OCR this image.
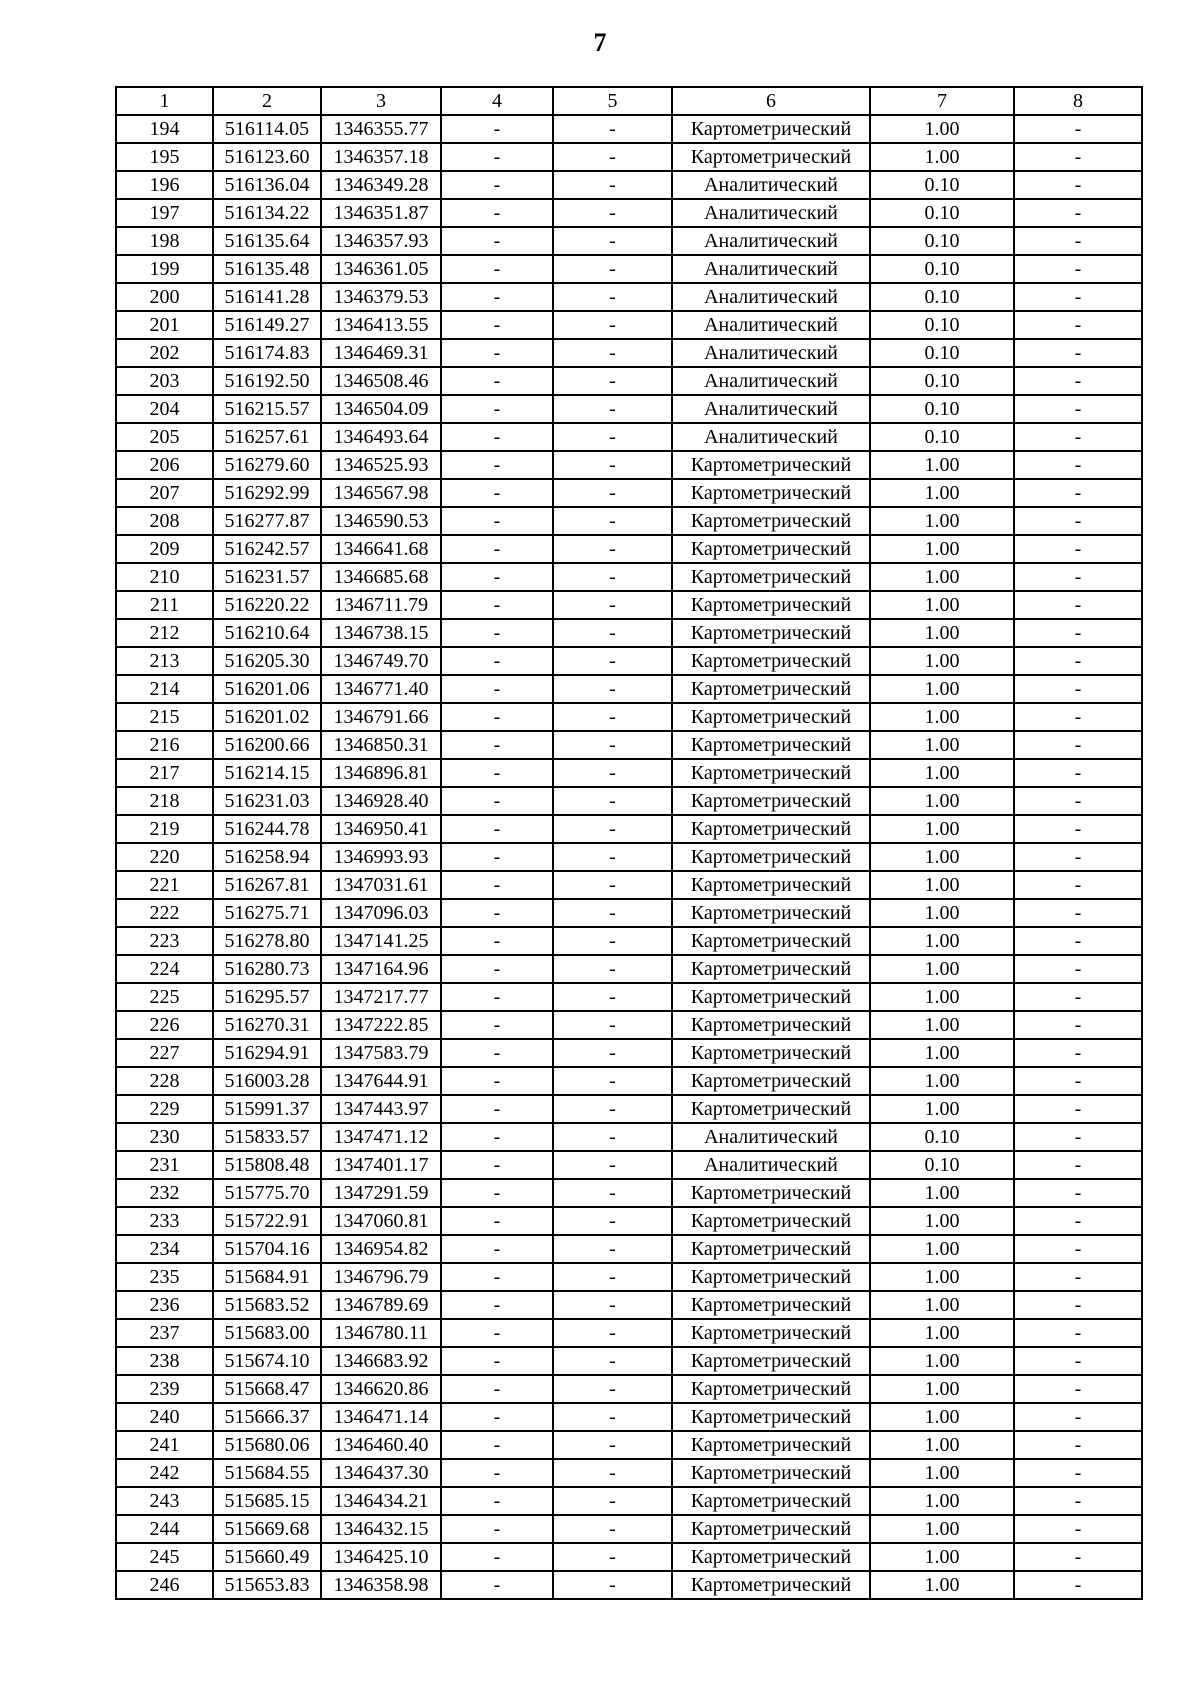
7
1	2	3	4	5	6	7	8
194	516114.05	1346355.77	-	-	Картометрический	1.00	-
195	516123.60	1346357.18	-	-	Картометрический	1.00	-
196	516136.04	1346349.28	-	-	Аналитический	0.10	-
197	516134.22	1346351.87	-	-	Аналитический	0.10	-
198	516135.64	1346357.93	-	-	Аналитический	0.10	-
199	516135.48	1346361.05	-	-	Аналитический	0.10	-
200	516141.28	1346379.53	-	-	Аналитический	0.10	-
201	516149.27	1346413.55	-	-	Аналитический	0.10	-
202	516174.83	1346469.31	-	-	Аналитический	0.10	-
203	516192.50	1346508.46	-	-	Аналитический	0.10	-
204	516215.57	1346504.09	-	-	Аналитический	0.10	-
205	516257.61	1346493.64	-	-	Аналитический	0.10	-
206	516279.60	1346525.93	-	-	Картометрический	1.00	-
207	516292.99	1346567.98	-	-	Картометрический	1.00	-
208	516277.87	1346590.53	-	-	Картометрический	1.00	-
209	516242.57	1346641.68	-	-	Картометрический	1.00	-
210	516231.57	1346685.68	-	-	Картометрический	1.00	-
211	516220.22	1346711.79	-	-	Картометрический	1.00	-
212	516210.64	1346738.15	-	-	Картометрический	1.00	-
213	516205.30	1346749.70	-	-	Картометрический	1.00	-
214	516201.06	1346771.40	-	-	Картометрический	1.00	-
215	516201.02	1346791.66	-	-	Картометрический	1.00	-
216	516200.66	1346850.31	-	-	Картометрический	1.00	-
217	516214.15	1346896.81	-	-	Картометрический	1.00	-
218	516231.03	1346928.40	-	-	Картометрический	1.00	-
219	516244.78	1346950.41	-	-	Картометрический	1.00	-
220	516258.94	1346993.93	-	-	Картометрический	1.00	-
221	516267.81	1347031.61	-	-	Картометрический	1.00	-
222	516275.71	1347096.03	-	-	Картометрический	1.00	-
223	516278.80	1347141.25	-	-	Картометрический	1.00	-
224	516280.73	1347164.96	-	-	Картометрический	1.00	-
225	516295.57	1347217.77	-	-	Картометрический	1.00	-
226	516270.31	1347222.85	-	-	Картометрический	1.00	-
227	516294.91	1347583.79	-	-	Картометрический	1.00	-
228	516003.28	1347644.91	-	-	Картометрический	1.00	-
229	515991.37	1347443.97	-	-	Картометрический	1.00	-
230	515833.57	1347471.12	-	-	Аналитический	0.10	-
231	515808.48	1347401.17	-	-	Аналитический	0.10	-
232	515775.70	1347291.59	-	-	Картометрический	1.00	-
233	515722.91	1347060.81	-	-	Картометрический	1.00	-
234	515704.16	1346954.82	-	-	Картометрический	1.00	-
235	515684.91	1346796.79	-	-	Картометрический	1.00	-
236	515683.52	1346789.69	-	-	Картометрический	1.00	-
237	515683.00	1346780.11	-	-	Картометрический	1.00	-
238	515674.10	1346683.92	-	-	Картометрический	1.00	-
239	515668.47	1346620.86	-	-	Картометрический	1.00	-
240	515666.37	1346471.14	-	-	Картометрический	1.00	-
241	515680.06	1346460.40	-	-	Картометрический	1.00	-
242	515684.55	1346437.30	-	-	Картометрический	1.00	-
243	515685.15	1346434.21	-	-	Картометрический	1.00	-
244	515669.68	1346432.15	-	-	Картометрический	1.00	-
245	515660.49	1346425.10	-	-	Картометрический	1.00	-
246	515653.83	1346358.98	-	-	Картометрический	1.00	-
